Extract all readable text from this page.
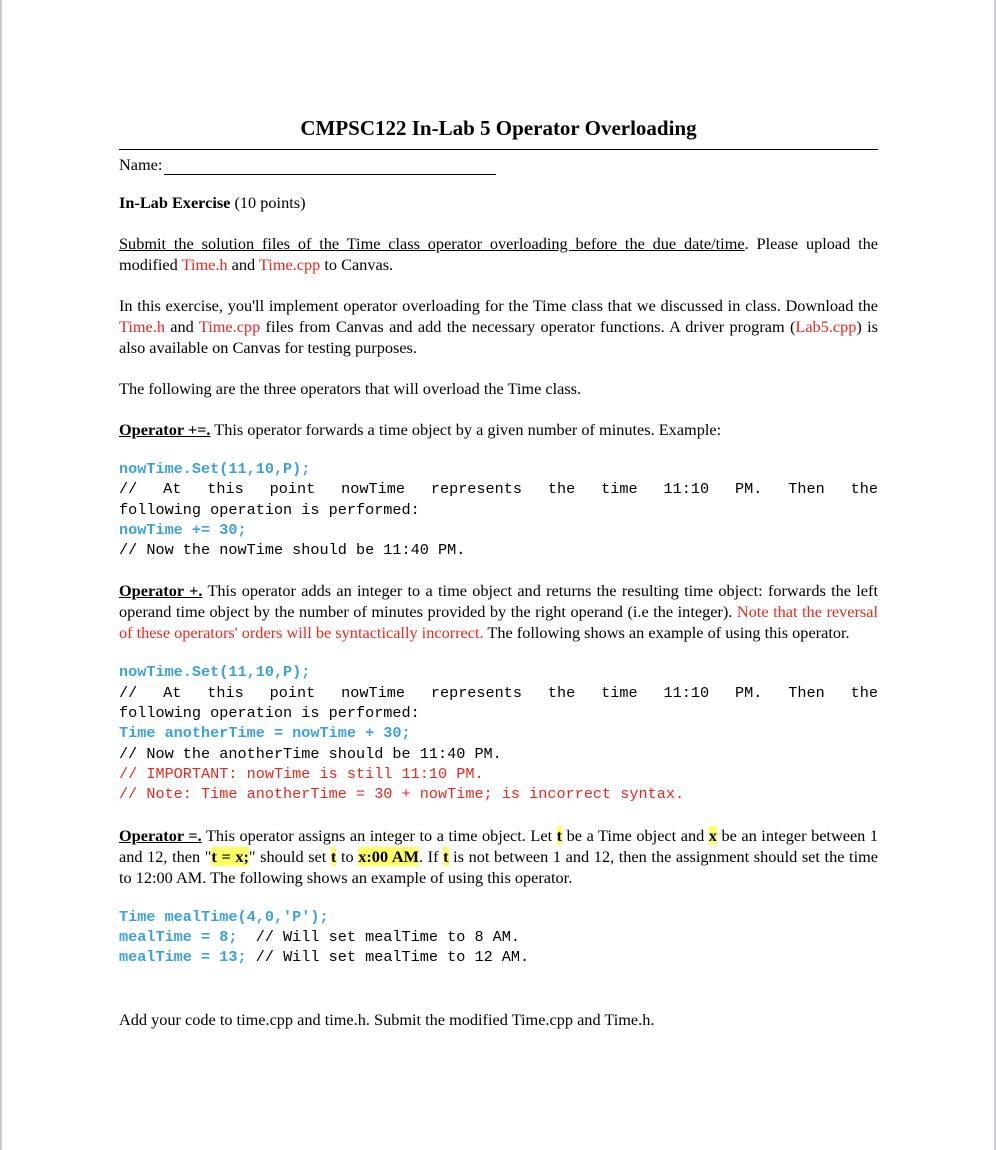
CMPSC122 In-Lab 5 Operator Overloading
Name:

In-Lab Exercise (10 points)

Submit the solution files of the Time class operator overloading before the due date/time. Please upload the modified Time.h and Time.cpp to Canvas.

In this exercise, you'll implement operator overloading for the Time class that we discussed in class. Download the Time.h and Time.cpp files from Canvas and add the necessary operator functions. A driver program (Lab5.cpp) is also available on Canvas for testing purposes.

The following are the three operators that will overload the Time class.

Operator +=. This operator forwards a time object by a given number of minutes. Example:

nowTime.Set(11,10,P);
// At this point nowTime represents the time 11:10 PM. Then the
following operation is performed:
nowTime += 30;
// Now the nowTime should be 11:40 PM.

Operator +. This operator adds an integer to a time object and returns the resulting time object: forwards the left operand time object by the number of minutes provided by the right operand (i.e the integer). Note that the reversal of these operators' orders will be syntactically incorrect. The following shows an example of using this operator.

nowTime.Set(11,10,P);
// At this point nowTime represents the time 11:10 PM. Then the
following operation is performed:
Time anotherTime = nowTime + 30;
// Now the anotherTime should be 11:40 PM.
// IMPORTANT: nowTime is still 11:10 PM.
// Note: Time anotherTime = 30 + nowTime; is incorrect syntax.

Operator =. This operator assigns an integer to a time object. Let t be a Time object and x be an integer between 1 and 12, then "t = x;" should set t to x:00 AM. If t is not between 1 and 12, then the assignment should set the time to 12:00 AM. The following shows an example of using this operator.

Time mealTime(4,0,'P');
mealTime = 8;  // Will set mealTime to 8 AM.
mealTime = 13; // Will set mealTime to 12 AM.

Add your code to time.cpp and time.h. Submit the modified Time.cpp and Time.h.
